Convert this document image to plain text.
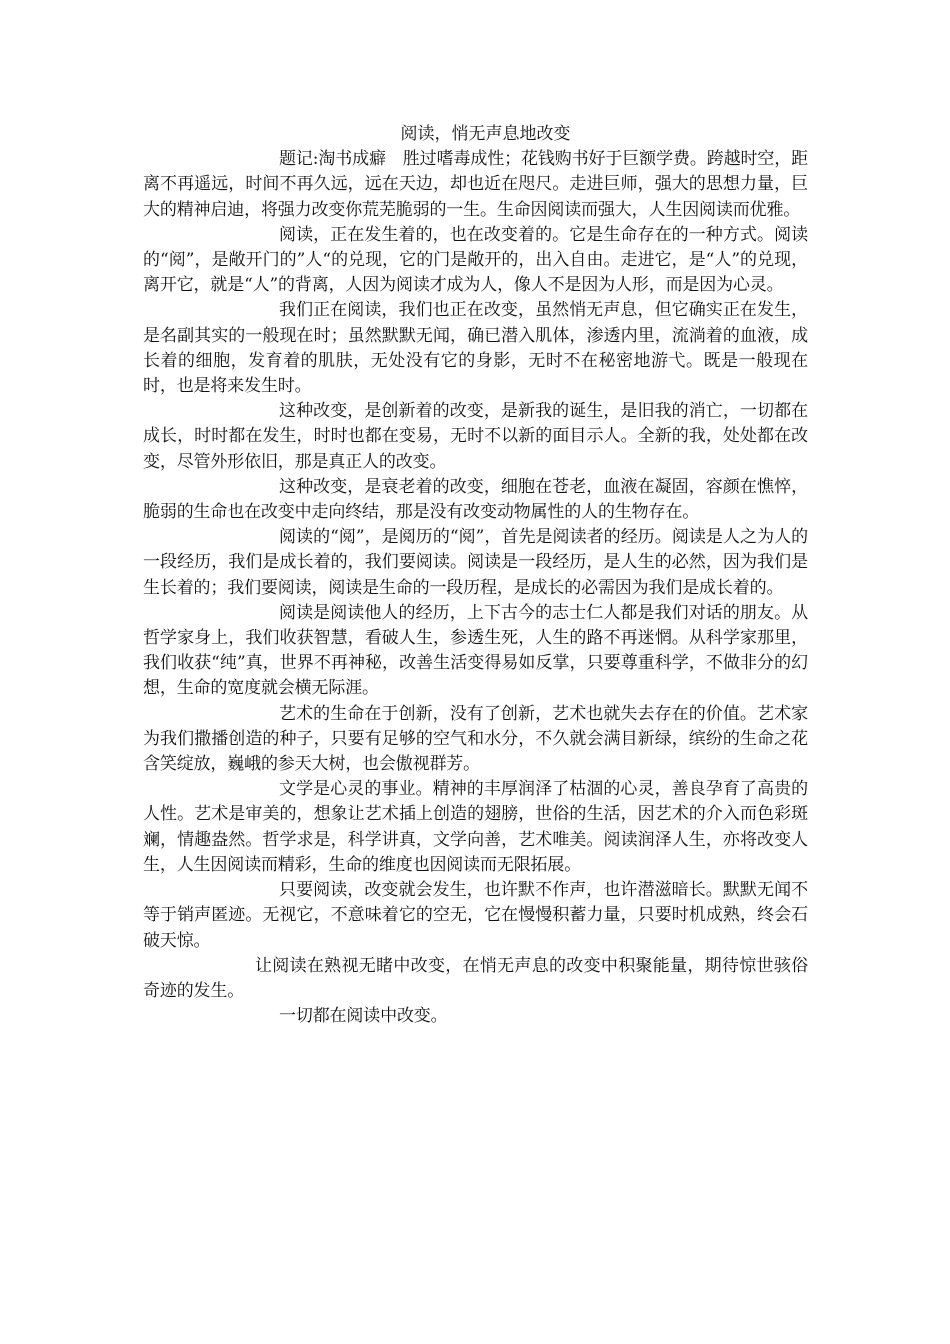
阅读，悄无声息地改变

题记:淘书成癖　胜过嗜毒成性；花钱购书好于巨额学费。跨越时空，距离不再遥远，时间不再久远，远在天边，却也近在咫尺。走进巨师，强大的思想力量，巨大的精神启迪，将强力改变你荒芜脆弱的一生。生命因阅读而强大，人生因阅读而优雅。

阅读，正在发生着的，也在改变着的。它是生命存在的一种方式。阅读的“阅”，是敞开门的”人“的兑现，它的门是敞开的，出入自由。走进它，是“人”的兑现，离开它，就是“人”的背离，人因为阅读才成为人，像人不是因为人形，而是因为心灵。

我们正在阅读，我们也正在改变，虽然悄无声息，但它确实正在发生，是名副其实的一般现在时；虽然默默无闻，确已潜入肌体，渗透内里，流淌着的血液，成长着的细胞，发育着的肌肤，无处没有它的身影，无时不在秘密地游弋。既是一般现在时，也是将来发生时。

这种改变，是创新着的改变，是新我的诞生，是旧我的消亡，一切都在成长，时时都在发生，时时也都在变易，无时不以新的面目示人。全新的我，处处都在改变，尽管外形依旧，那是真正人的改变。

这种改变，是衰老着的改变，细胞在苍老，血液在凝固，容颜在憔悴，脆弱的生命也在改变中走向终结，那是没有改变动物属性的人的生物存在。

阅读的“阅”，是阅历的“阅”，首先是阅读者的经历。阅读是人之为人的一段经历，我们是成长着的，我们要阅读。阅读是一段经历，是人生的必然，因为我们是生长着的；我们要阅读，阅读是生命的一段历程，是成长的必需因为我们是成长着的。

阅读是阅读他人的经历，上下古今的志士仁人都是我们对话的朋友。从哲学家身上，我们收获智慧，看破人生，参透生死，人生的路不再迷惘。从科学家那里，我们收获“纯”真，世界不再神秘，改善生活变得易如反掌，只要尊重科学，不做非分的幻想，生命的宽度就会横无际涯。

艺术的生命在于创新，没有了创新，艺术也就失去存在的价值。艺术家为我们撒播创造的种子，只要有足够的空气和水分，不久就会满目新绿，缤纷的生命之花含笑绽放，巍峨的参天大树，也会傲视群芳。

文学是心灵的事业。精神的丰厚润泽了枯涸的心灵，善良孕育了高贵的人性。艺术是审美的，想象让艺术插上创造的翅膀，世俗的生活，因艺术的介入而色彩斑斓，情趣盎然。哲学求是，科学讲真，文学向善，艺术唯美。阅读润泽人生，亦将改变人生，人生因阅读而精彩，生命的维度也因阅读而无限拓展。

只要阅读，改变就会发生，也许默不作声，也许潜滋暗长。默默无闻不等于销声匿迹。无视它，不意味着它的空无，它在慢慢积蓄力量，只要时机成熟，终会石破天惊。

让阅读在熟视无睹中改变，在悄无声息的改变中积聚能量，期待惊世骇俗奇迹的发生。

一切都在阅读中改变。
